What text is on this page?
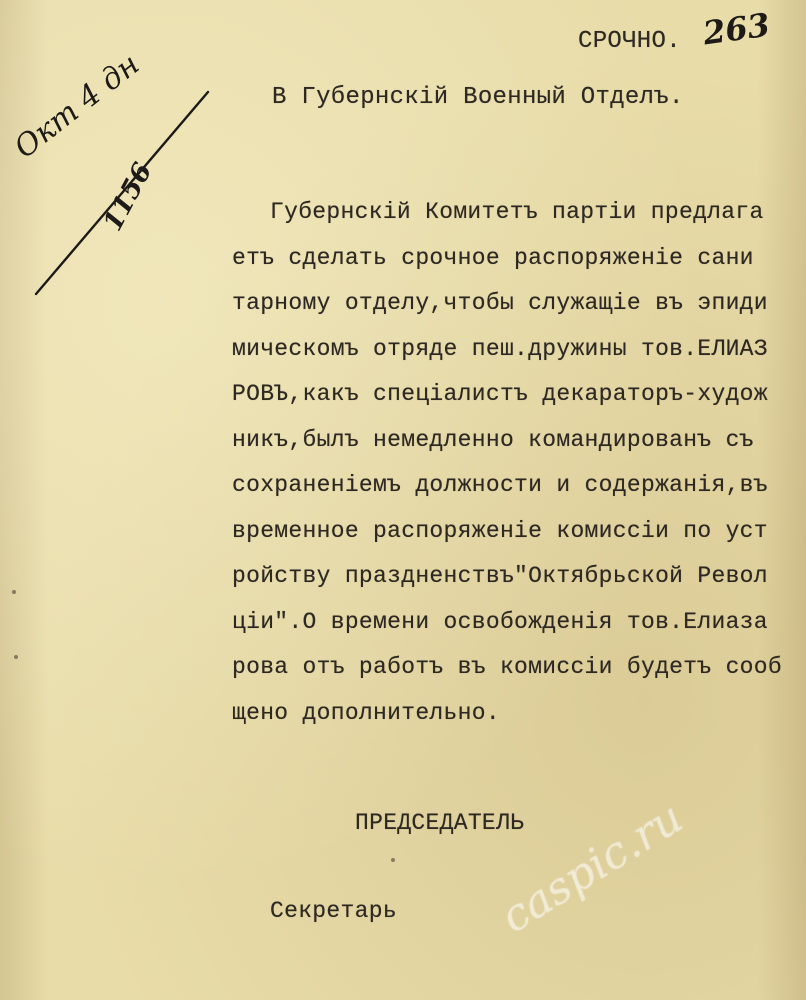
СРОЧНО.
В Губернскiй Военный Отделъ.
Губернскiй Комитетъ партiи предлага
етъ сделать срочное распоряженiе сани
тарному отделу,чтобы служащiе въ эпиди
мическомъ отряде пеш.дружины тов.ЕЛИАЗ
РОВЪ,какъ спецiалистъ декараторъ-худож
никъ,былъ немедленно командированъ съ
сохраненiемъ должности и содержанiя,въ
временное распоряженiе комиссiи по уст
ройству праздненствъ"Октябрьской Револ
цiи".О времени освобожденiя тов.Елиаза
рова отъ работъ въ комиссiи будетъ сооб
щено дополнительно.
ПРЕДСЕДАТЕЛЬ
Секретарь
263
Окт 4 дн
1156
caspic.ru
